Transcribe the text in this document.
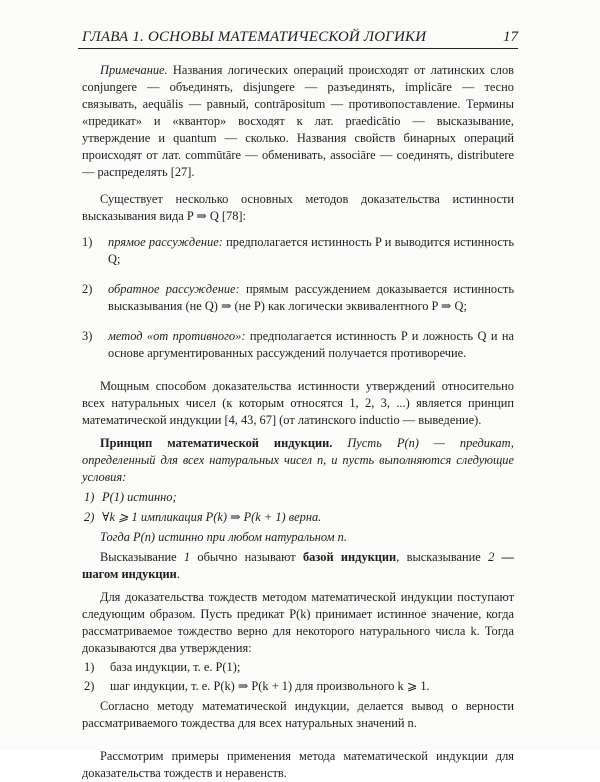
ГЛАВА 1. ОСНОВЫ МАТЕМАТИЧЕСКОЙ ЛОГИКИ	17

Примечание. Названия логических операций происходят от латинских слов conjungere — объединять, disjungere — разъединять, implicāre — тесно связывать, aequālis — равный, contrāpositum — противопоставление. Термины «предикат» и «квантор» восходят к лат. praedicātio — высказывание, утверждение и quantum — сколько. Названия свойств бинарных операций происходят от лат. commūtāre — обменивать, associāre — соединять, distributere — распределять [27].

Существует несколько основных методов доказательства истинности высказывания вида P ⇒ Q [78]:

1) прямое рассуждение: предполагается истинность P и выводится истинность Q;
2) обратное рассуждение: прямым рассуждением доказывается истинность высказывания (не Q) ⇒ (не P) как логически эквивалентного P ⇒ Q;
3) метод «от противного»: предполагается истинность P и ложность Q и на основе аргументированных рассуждений получается противоречие.

Мощным способом доказательства истинности утверждений относительно всех натуральных чисел (к которым относятся 1, 2, 3, ...) является принцип математической индукции [4, 43, 67] (от латинского inductio — выведение).

Принцип математической индукции. Пусть P(n) — предикат, определенный для всех натуральных чисел n, и пусть выполняются следующие условия:

1) P(1) истинно;
2) ∀k ⩾ 1 импликация P(k) ⇒ P(k + 1) верна.

Тогда P(n) истинно при любом натуральном n.

Высказывание 1 обычно называют базой индукции, высказывание 2 — шагом индукции.

Для доказательства тождеств методом математической индукции поступают следующим образом. Пусть предикат P(k) принимает истинное значение, когда рассматриваемое тождество верно для некоторого натурального числа k. Тогда доказываются два утверждения:

1) база индукции, т. е. P(1);
2) шаг индукции, т. е. P(k) ⇒ P(k + 1) для произвольного k ⩾ 1.

Согласно методу математической индукции, делается вывод о верности рассматриваемого тождества для всех натуральных значений n.

Рассмотрим примеры применения метода математической индукции для доказательства тождеств и неравенств.
